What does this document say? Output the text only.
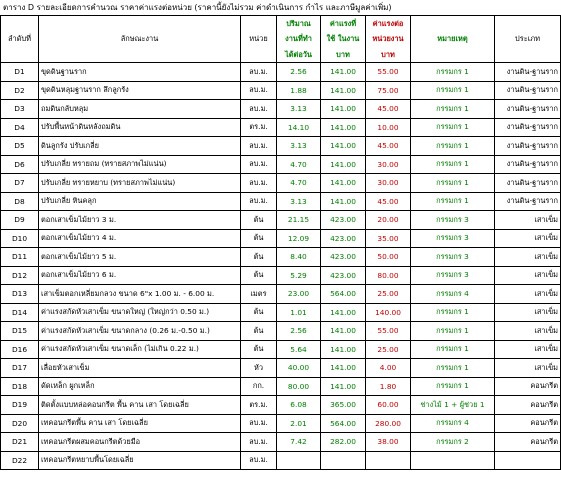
ตาราง D รายละเอียดการคำนวณ ราคาค่าแรงต่อหน่วย (ราคานี้ยังไม่รวม ค่าดำเนินการ กำไร และภาษีมูลค่าเพิ่ม)
			ปริมาณ	ค่าแรงที่	ค่าแรงต่อ		
ลำดับที่	ลักษณะงาน	หน่วย	งานที่ทำ	ใช้ ในงาน	หน่วยงาน	หมายเหตุ	ประเภท
			ได้ต่อวัน	บาท	บาท		
D1	ขุดดินฐานราก	ลบ.ม.	2.56	141.00	55.00	กรรมกร 1	งานดิน-ฐานราก
D2	ขุดดินหลุมฐานราก ลึกลูกรัง	ลบ.ม.	1.88	141.00	75.00	กรรมกร 1	งานดิน-ฐานราก
D3	ถมดินกลับหลุม	ลบ.ม.	3.13	141.00	45.00	กรรมกร 1	งานดิน-ฐานราก
D4	ปรับพื้นหน้าดินหลังถมดิน	ตร.ม.	14.10	141.00	10.00	กรรมกร 1	งานดิน-ฐานราก
D5	ดินลูกรัง ปรับเกลี่ย	ลบ.ม.	3.13	141.00	45.00	กรรมกร 1	งานดิน-ฐานราก
D6	ปรับเกลี่ย ทรายถม (ทรายสภาพไม่แน่น)	ลบ.ม.	4.70	141.00	30.00	กรรมกร 1	งานดิน-ฐานราก
D7	ปรับเกลี่ย ทรายหยาบ (ทรายสภาพไม่แน่น)	ลบ.ม.	4.70	141.00	30.00	กรรมกร 1	งานดิน-ฐานราก
D8	ปรับเกลี่ย หินคลุก	ลบ.ม.	3.13	141.00	45.00	กรรมกร 1	งานดิน-ฐานราก
D9	ตอกเสาเข็มไม้ยาว 3 ม.	ต้น	21.15	423.00	20.00	กรรมกร 3	เสาเข็ม
D10	ตอกเสาเข็มไม้ยาว 4 ม.	ต้น	12.09	423.00	35.00	กรรมกร 3	เสาเข็ม
D11	ตอกเสาเข็มไม้ยาว 5 ม.	ต้น	8.40	423.00	50.00	กรรมกร 3	เสาเข็ม
D12	ตอกเสาเข็มไม้ยาว 6 ม.	ต้น	5.29	423.00	80.00	กรรมกร 3	เสาเข็ม
D13	เสาเข็มตอกเหลี่ยมกลวง ขนาด 6"x 1.00 ม. - 6.00 ม.	เมตร	23.00	564.00	25.00	กรรมกร 4	เสาเข็ม
D14	ค่าแรงสกัดหัวเสาเข็ม ขนาดใหญ่ (ใหญ่กว่า 0.50 ม.)	ต้น	1.01	141.00	140.00	กรรมกร 1	เสาเข็ม
D15	ค่าแรงสกัดหัวเสาเข็ม ขนาดกลาง (0.26 ม.-0.50 ม.)	ต้น	2.56	141.00	55.00	กรรมกร 1	เสาเข็ม
D16	ค่าแรงสกัดหัวเสาเข็ม ขนาดเล็ก (ไม่เกิน 0.22 ม.)	ต้น	5.64	141.00	25.00	กรรมกร 1	เสาเข็ม
D17	เลื่อยหัวเสาเข็ม	หัว	40.00	141.00	4.00	กรรมกร 1	เสาเข็ม
D18	ดัดเหล็ก ผูกเหล็ก	กก.	80.00	141.00	1.80	กรรมกร 1	คอนกรีต
D19	ติดตั้งแบบหล่อคอนกรีต พื้น คาน เสา โดยเฉลี่ย	ตร.ม.	6.08	365.00	60.00	ช่างไม้ 1 + ผู้ช่วย 1	คอนกรีต
D20	เทคอนกรีตพื้น คาน เสา โดยเฉลี่ย	ลบ.ม.	2.01	564.00	280.00	กรรมกร 4	คอนกรีต
D21	เทคอนกรีตผสมคอนกรีตด้วยมือ	ลบ.ม.	7.42	282.00	38.00	กรรมกร 2	คอนกรีต
D22	เทคอนกรีตหยาบพื้นโดยเฉลี่ย	ลบ.ม.					
